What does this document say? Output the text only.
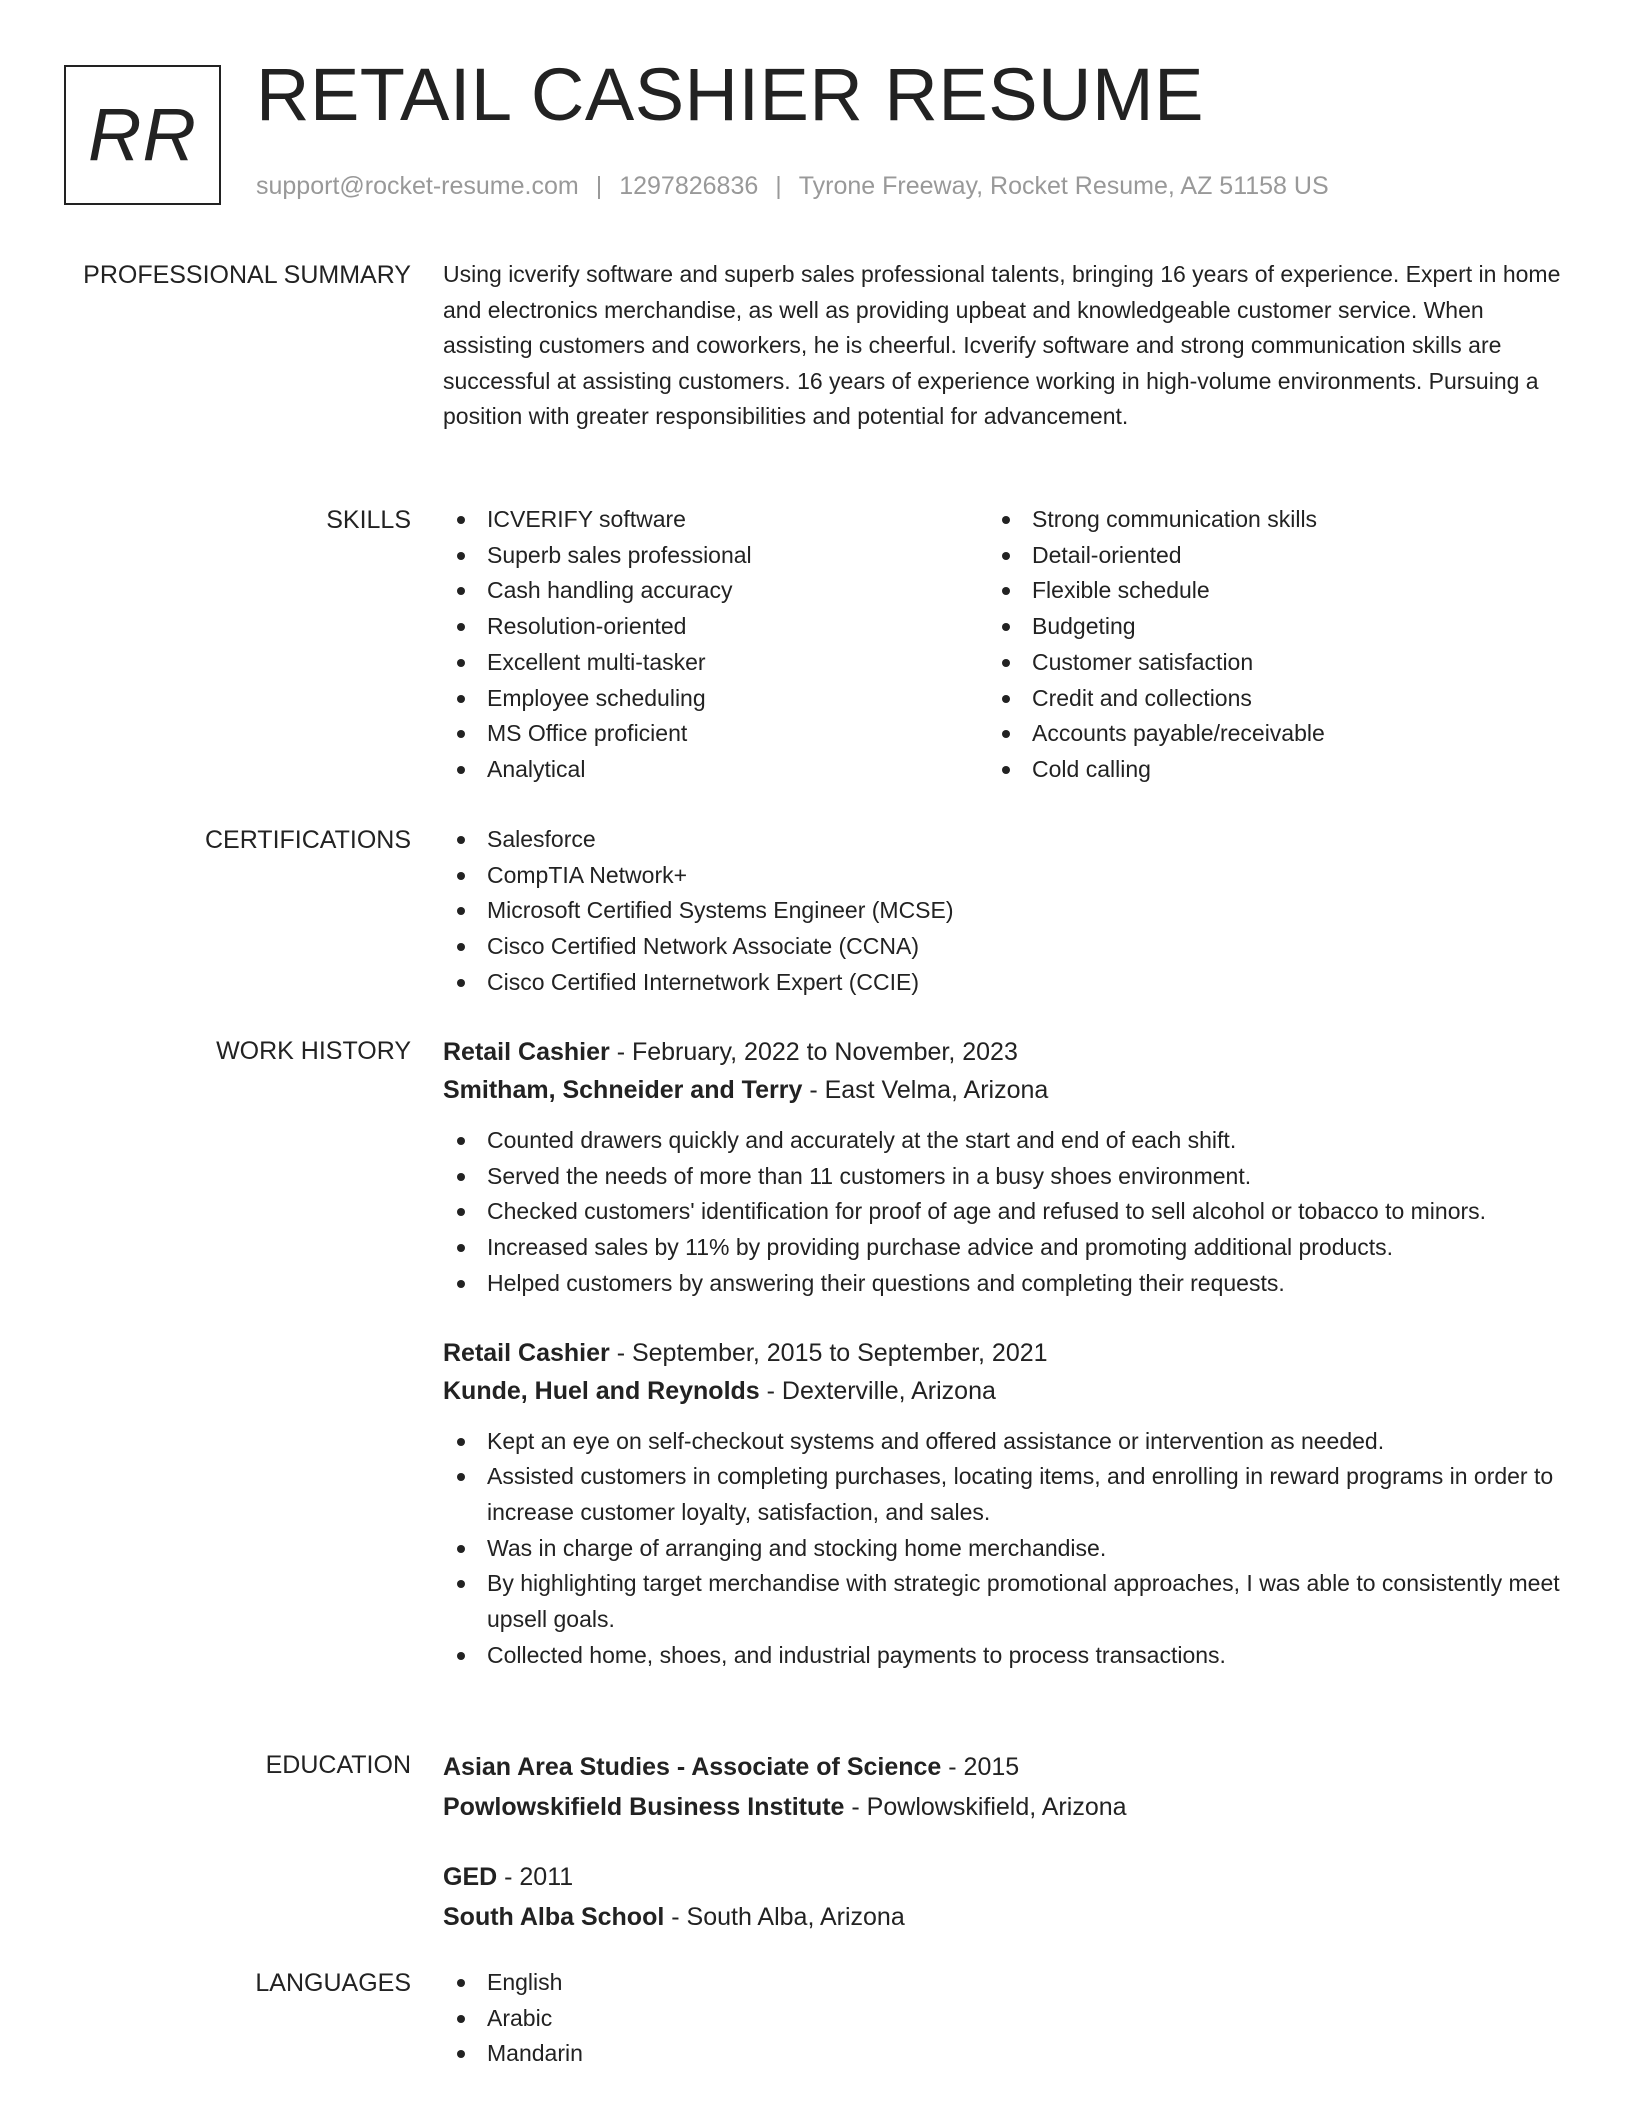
RR RETAIL CASHIER RESUME
support@rocket-resume.com | 1297826836 | Tyrone Freeway, Rocket Resume, AZ 51158 US
PROFESSIONAL SUMMARY Using icverify software and superb sales professional talents, bringing 16 years of experience. Expert in home and electronics merchandise, as well as providing upbeat and knowledgeable customer service. When assisting customers and coworkers, he is cheerful. Icverify software and strong communication skills are successful at assisting customers. 16 years of experience working in high-volume environments. Pursuing a position with greater responsibilities and potential for advancement.

SKILLS	ICVERIFY software
Superb sales professional
Cash handling accuracy
Resolution-oriented
Excellent multi-tasker
Employee scheduling
MS Office proficient
Analytical
Strong communication skills
Detail-oriented
Flexible schedule
Budgeting
Customer satisfaction
Credit and collections
Accounts payable/receivable
Cold calling
CERTIFICATIONS	Salesforce
CompTIA Network+
Microsoft Certified Systems Engineer (MCSE)
Cisco Certified Network Associate (CCNA)
Cisco Certified Internetwork Expert (CCIE)
WORK HISTORY Retail Cashier - February, 2022 to November, 2023
Smitham, Schneider and Terry - East Velma, Arizona
Counted drawers quickly and accurately at the start and end of each shift.
Served the needs of more than 11 customers in a busy shoes environment.
Checked customers' identification for proof of age and refused to sell alcohol or tobacco to minors.
Increased sales by 11% by providing purchase advice and promoting additional products.
Helped customers by answering their questions and completing their requests.
Retail Cashier - September, 2015 to September, 2021
Kunde, Huel and Reynolds - Dexterville, Arizona
Kept an eye on self-checkout systems and offered assistance or intervention as needed.
Assisted customers in completing purchases, locating items, and enrolling in reward programs in order to increase customer loyalty, satisfaction, and sales.
Was in charge of arranging and stocking home merchandise.
By highlighting target merchandise with strategic promotional approaches, I was able to consistently meet upsell goals.
Collected home, shoes, and industrial payments to process transactions.
EDUCATION Asian Area Studies - Associate of Science - 2015
Powlowskifield Business Institute - Powlowskifield, Arizona
GED - 2011
South Alba School - South Alba, Arizona
LANGUAGES	English
Arabic
Mandarin
